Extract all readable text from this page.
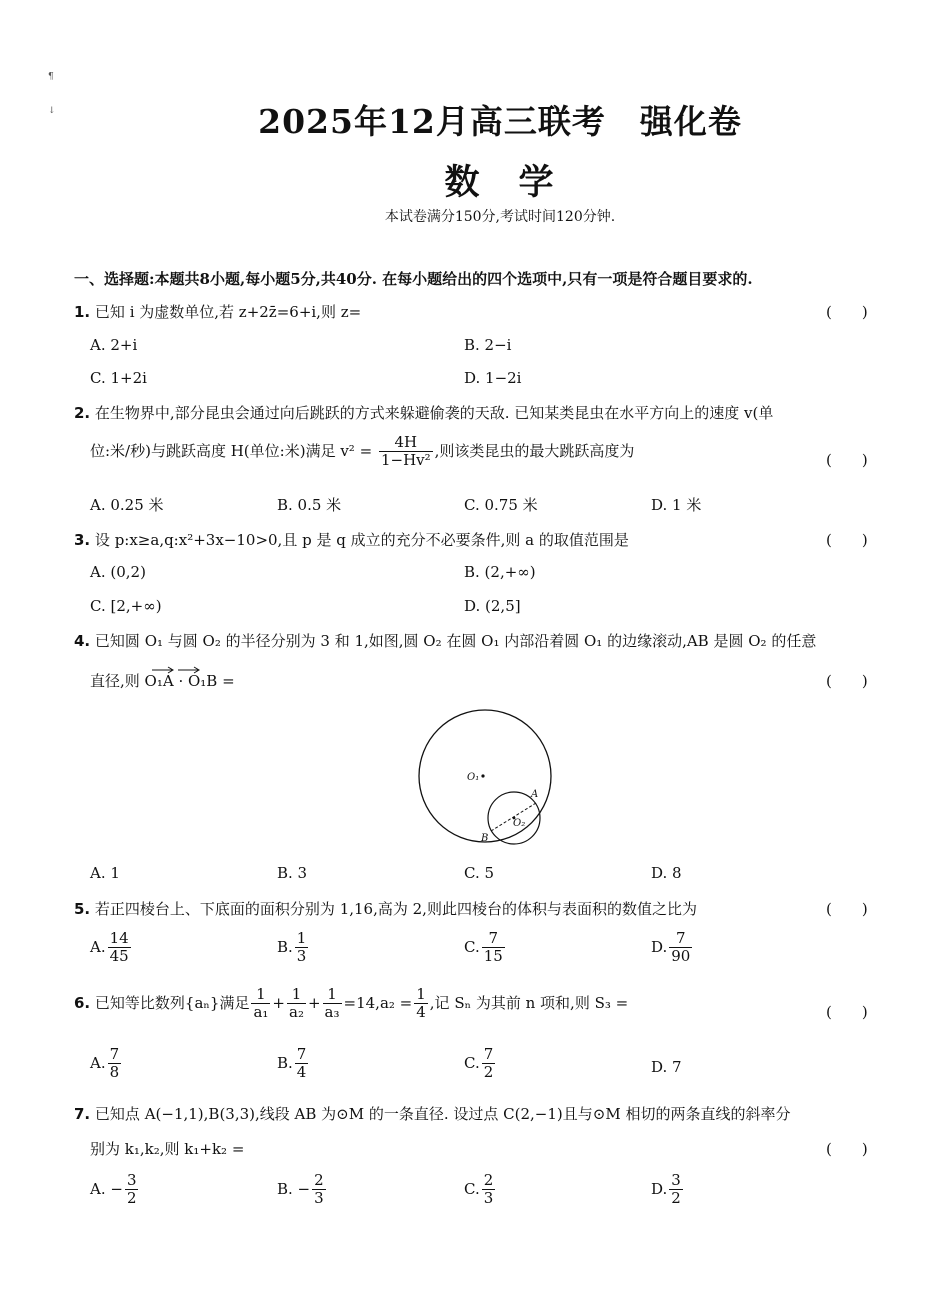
¶
↓	2025年12月高三联考　强化卷
数　学
本试卷满分150分,考试时间120分钟.
一、选择题:本题共8小题,每小题5分,共40分. 在每小题给出的四个选项中,只有一项是符合题目要求的.
1. 已知 i 为虚数单位,若 z+2z̄=6+i,则 z=	(　　)
A. 2+i	B. 2−i
C. 1+2i	D. 1−2i
2. 在生物界中,部分昆虫会通过向后跳跃的方式来躲避偷袭的天敌. 已知某类昆虫在水平方向上的速度 v(单
位:米/秒)与跳跃高度 H(单位:米)满足 $v^2 = \frac{4H}{\text{1−Hv²}}$ ,则该类昆虫的最大跳跃高度为
(　　)
A. 0.25 米	B. 0.5 米	C. 0.75 米	D. 1 米
3. 设 p:x≥a,q:x²+3x−10>0,且 p 是 q 成立的充分不必要条件,则 a 的取值范围是	(　　)
A. (0,2)	B. (2,+∞)
C. [2,+∞)	D. (2,5]
4. 已知圆 O₁ 与圆 O₂ 的半径分别为 3 和 1,如图,圆 O₂ 在圆 O₁ 内部沿着圆 O₁ 的边缘滚动,AB 是圆 O₂ 的任意
直径,则 O₁A · O₁B =	(　　)
O₁
O₂
A
B
A. 1	B. 3	C. 5	D. 8
5. 若正四棱台上、下底面的面积分别为 1,16,高为 2,则此四棱台的体积与表面积的数值之比为	(　　)
A. $\frac{14}{45}$	B. $\frac{1}{3}$	C. $\frac{7}{15}$	D. $\frac{7}{90}$
6. 已知等比数列{aₙ}满足 $\frac{1}{\text{a₁}} + \frac{1}{\text{a₂}} + \frac{1}{\text{a₃}} =14,a_2 = \frac{1}{4}$ ,记 Sₙ 为其前 n 项和,则 S₃ =
(　　)
A. $\frac{7}{8}$	B. $\frac{7}{4}$	C. $\frac{7}{2}$	D. 7
7. 已知点 A(−1,1),B(3,3),线段 AB 为⊙M 的一条直径. 设过点 C(2,−1)且与⊙M 相切的两条直线的斜率分
别为 k₁,k₂,则 k₁+k₂ =	(　　)
A. − $\frac{3}{2}$	B. − $\frac{2}{3}$	C. $\frac{2}{3}$	D. $\frac{3}{2}$
